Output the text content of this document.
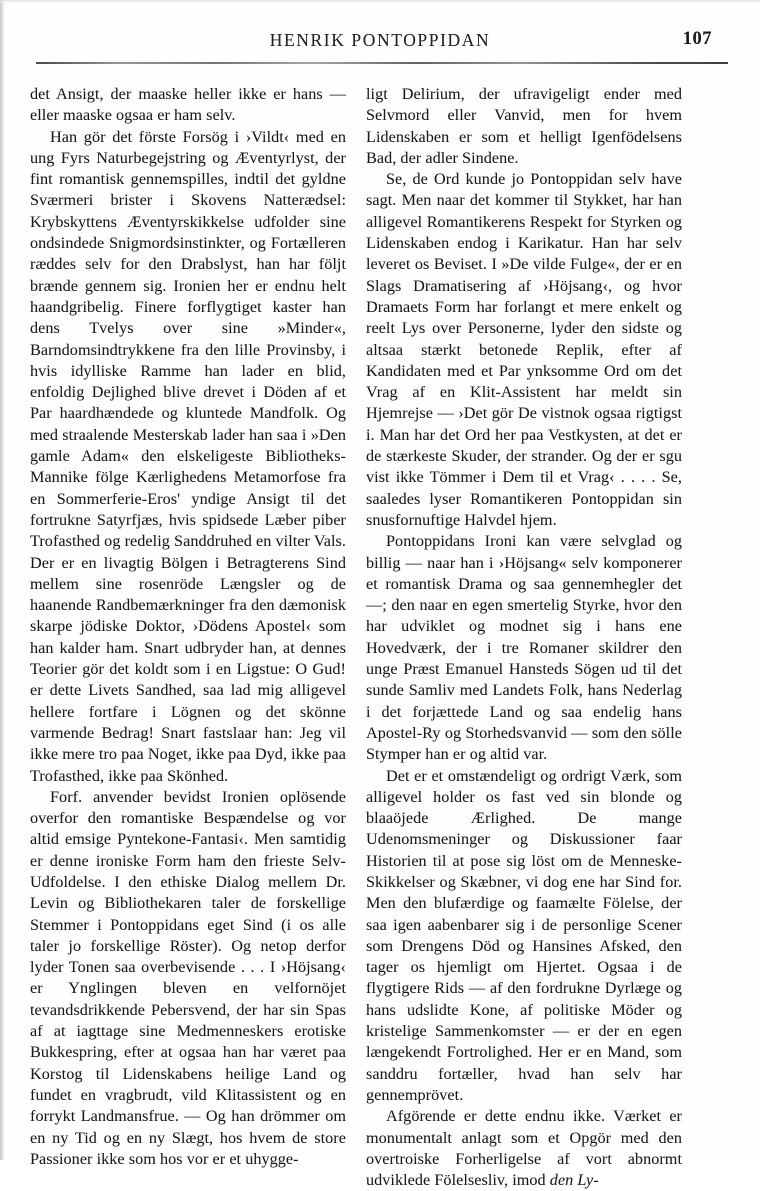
HENRIK PONTOPPIDAN	107

det Ansigt, der maaske heller ikke er hans — eller maaske ogsaa er ham selv.

Han gör det förste Forsög i ›Vildt‹ med en ung Fyrs Naturbegejstring og Æventyrlyst, der fint romantisk gennemspilles, indtil det gyldne Sværmeri brister i Skovens Natterædsel: Krybskyttens Æventyrskikkelse udfolder sine ondsindede Snigmordsinstinkter, og Fortælleren ræddes selv for den Drabslyst, han har följt brænde gennem sig. Ironien her er endnu helt haandgribelig. Finere forflygtiget kaster han dens Tvelys over sine »Minder«, Barndomsindtrykkene fra den lille Provinsby, i hvis idylliske Ramme han lader en blid, enfoldig Dejlighed blive drevet i Döden af et Par haardhændede og kluntede Mandfolk. Og med straalende Mesterskab lader han saa i »Den gamle Adam« den elskeligeste Bibliotheks-Mannike fölge Kærlighedens Metamorfose fra en Sommerferie-Eros' yndige Ansigt til det fortrukne Satyrfjæs, hvis spidsede Læber piber Trofasthed og redelig Sanddruhed en vilter Vals. Der er en livagtig Bölgen i Betragterens Sind mellem sine rosenröde Længsler og de haanende Randbemærkninger fra den dæmonisk skarpe jödiske Doktor, ›Dödens Apostel‹ som han kalder ham. Snart udbryder han, at dennes Teorier gör det koldt som i en Ligstue: O Gud! er dette Livets Sandhed, saa lad mig alligevel hellere fortfare i Lögnen og det skönne varmende Bedrag! Snart fastslaar han: Jeg vil ikke mere tro paa Noget, ikke paa Dyd, ikke paa Trofasthed, ikke paa Skönhed.

Forf. anvender bevidst Ironien oplösende overfor den romantiske Bespændelse og vor altid emsige Pyntekone-Fantasi‹. Men samtidig er denne ironiske Form ham den frieste Selv-Udfoldelse. I den ethiske Dialog mellem Dr. Levin og Bibliothekaren taler de forskellige Stemmer i Pontoppidans eget Sind (i os alle taler jo forskellige Röster). Og netop derfor lyder Tonen saa overbevisende . . . I ›Höjsang‹ er Ynglingen bleven en velfornöjet tevandsdrikkende Pebersvend, der har sin Spas af at iagttage sine Medmenneskers erotiske Bukkespring, efter at ogsaa han har været paa Korstog til Lidenskabens heilige Land og fundet en vragbrudt, vild Klitassistent og en forrykt Landmansfrue. — Og han drömmer om en ny Tid og en ny Slægt, hos hvem de store Passioner ikke som hos vor er et uhygge-

ligt Delirium, der ufravigeligt ender med Selvmord eller Vanvid, men for hvem Lidenskaben er som et helligt Igenfödelsens Bad, der adler Sindene.

Se, de Ord kunde jo Pontoppidan selv have sagt. Men naar det kommer til Stykket, har han alligevel Romantikerens Respekt for Styrken og Lidenskaben endog i Karikatur. Han har selv leveret os Beviset. I »De vilde Fulge«, der er en Slags Dramatisering af ›Höjsang‹, og hvor Dramaets Form har forlangt et mere enkelt og reelt Lys over Personerne, lyder den sidste og altsaa stærkt betonede Replik, efter af Kandidaten med et Par ynksomme Ord om det Vrag af en Klit-Assistent har meldt sin Hjemrejse — ›Det gör De vistnok ogsaa rigtigst i. Man har det Ord her paa Vestkysten, at det er de stærkeste Skuder, der strander. Og der er sgu vist ikke Tömmer i Dem til et Vrag‹ . . . . Se, saaledes lyser Romantikeren Pontoppidan sin snusfornuftige Halvdel hjem.

Pontoppidans Ironi kan være selvglad og billig — naar han i ›Höjsang« selv komponerer et romantisk Drama og saa gennemhegler det —; den naar en egen smertelig Styrke, hvor den har udviklet og modnet sig i hans ene Hovedværk, der i tre Romaner skildrer den unge Præst Emanuel Hansteds Sögen ud til det sunde Samliv med Landets Folk, hans Nederlag i det forjættede Land og saa endelig hans Apostel-Ry og Storhedsvanvid — som den sölle Stymper han er og altid var.

Det er et omstændeligt og ordrigt Værk, som alligevel holder os fast ved sin blonde og blaaöjede Ærlighed. De mange Udenomsmeninger og Diskussioner faar Historien til at pose sig löst om de Menneske-Skikkelser og Skæbner, vi dog ene har Sind for. Men den blufærdige og faamælte Fölelse, der saa igen aabenbarer sig i de personlige Scener som Drengens Död og Hansines Afsked, den tager os hjemligt om Hjertet. Ogsaa i de flygtigere Rids — af den fordrukne Dyrlæge og hans udslidte Kone, af politiske Möder og kristelige Sammenkomster — er der en egen længekendt Fortrolighed. Her er en Mand, som sanddru fortæller, hvad han selv har gennemprövet.

Afgörende er dette endnu ikke. Værket er monumentalt anlagt som et Opgör med den overtroiske Forherligelse af vort abnormt udviklede Fölelsesliv, imod den Ly-
